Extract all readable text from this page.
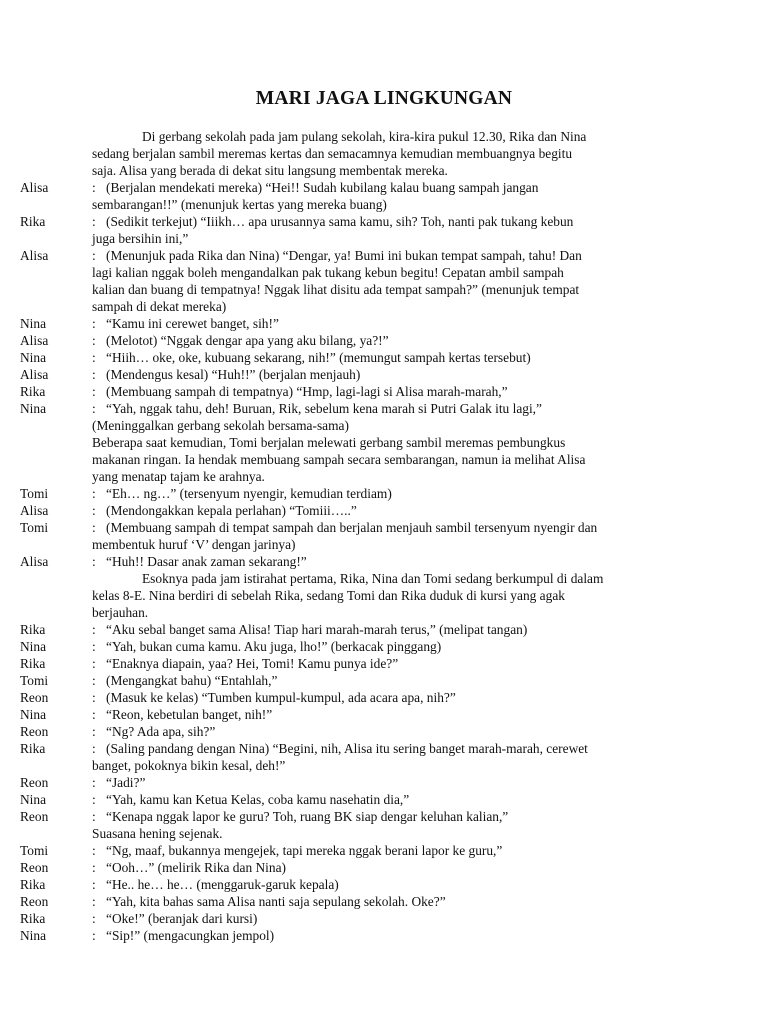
MARI JAGA LINGKUNGAN
Di gerbang sekolah pada jam pulang sekolah, kira-kira pukul 12.30, Rika dan Nina
sedang berjalan sambil meremas kertas dan semacamnya kemudian membuangnya begitu
saja. Alisa yang berada di dekat situ langsung membentak mereka.
Alisa	: (Berjalan mendekati mereka) “Hei!! Sudah kubilang kalau buang sampah jangan
sembarangan!!” (menunjuk kertas yang mereka buang)
Rika	: (Sedikit terkejut) “Iiikh… apa urusannya sama kamu, sih? Toh, nanti pak tukang kebun
juga bersihin ini,”
Alisa	: (Menunjuk pada Rika dan Nina) “Dengar, ya! Bumi ini bukan tempat sampah, tahu! Dan
lagi kalian nggak boleh mengandalkan pak tukang kebun begitu! Cepatan ambil sampah
kalian dan buang di tempatnya! Nggak lihat disitu ada tempat sampah?” (menunjuk tempat
sampah di dekat mereka)
Nina	: “Kamu ini cerewet banget, sih!”
Alisa	: (Melotot) “Nggak dengar apa yang aku bilang, ya?!”
Nina	: “Hiih… oke, oke, kubuang sekarang, nih!” (memungut sampah kertas tersebut)
Alisa	: (Mendengus kesal) “Huh!!” (berjalan menjauh)
Rika	: (Membuang sampah di tempatnya) “Hmp, lagi-lagi si Alisa marah-marah,”
Nina	: “Yah, nggak tahu, deh! Buruan, Rik, sebelum kena marah si Putri Galak itu lagi,”
(Meninggalkan gerbang sekolah bersama-sama)
Beberapa saat kemudian, Tomi berjalan melewati gerbang sambil meremas pembungkus
makanan ringan. Ia hendak membuang sampah secara sembarangan, namun ia melihat Alisa
yang menatap tajam ke arahnya.
Tomi	: “Eh… ng…” (tersenyum nyengir, kemudian terdiam)
Alisa	: (Mendongakkan kepala perlahan) “Tomiii…..”
Tomi	: (Membuang sampah di tempat sampah dan berjalan menjauh sambil tersenyum nyengir dan
membentuk huruf ‘V’ dengan jarinya)
Alisa	: “Huh!! Dasar anak zaman sekarang!”
Esoknya pada jam istirahat pertama, Rika, Nina dan Tomi sedang berkumpul di dalam
kelas 8-E. Nina berdiri di sebelah Rika, sedang Tomi dan Rika duduk di kursi yang agak
berjauhan.
Rika	: “Aku sebal banget sama Alisa! Tiap hari marah-marah terus,” (melipat tangan)
Nina	: “Yah, bukan cuma kamu. Aku juga, lho!” (berkacak pinggang)
Rika	: “Enaknya diapain, yaa? Hei, Tomi! Kamu punya ide?”
Tomi	: (Mengangkat bahu) “Entahlah,”
Reon	: (Masuk ke kelas) “Tumben kumpul-kumpul, ada acara apa, nih?”
Nina	: “Reon, kebetulan banget, nih!”
Reon	: “Ng? Ada apa, sih?”
Rika	: (Saling pandang dengan Nina) “Begini, nih, Alisa itu sering banget marah-marah, cerewet
banget, pokoknya bikin kesal, deh!”
Reon	: “Jadi?”
Nina	: “Yah, kamu kan Ketua Kelas, coba kamu nasehatin dia,”
Reon	: “Kenapa nggak lapor ke guru? Toh, ruang BK siap dengar keluhan kalian,”
Suasana hening sejenak.
Tomi	: “Ng, maaf, bukannya mengejek, tapi mereka nggak berani lapor ke guru,”
Reon	: “Ooh…” (melirik Rika dan Nina)
Rika	: “He.. he… he… (menggaruk-garuk kepala)
Reon	: “Yah, kita bahas sama Alisa nanti saja sepulang sekolah. Oke?”
Rika	: “Oke!” (beranjak dari kursi)
Nina	: “Sip!” (mengacungkan jempol)
